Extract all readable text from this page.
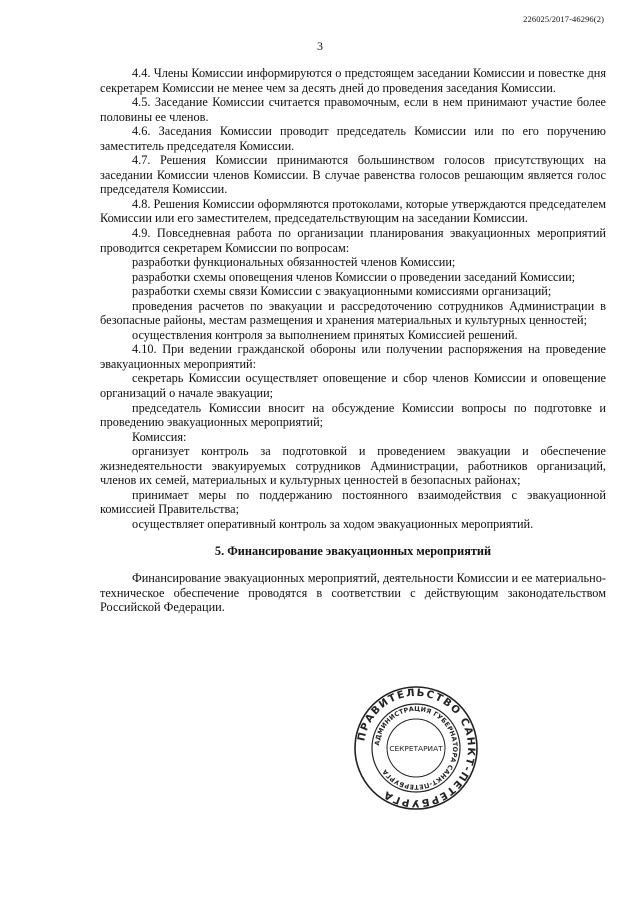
226025/2017-46296(2)
3

4.4. Члены Комиссии информируются о предстоящем заседании Комиссии и повестке дня секретарем Комиссии не менее чем за десять дней до проведения заседания Комиссии.

4.5. Заседание Комиссии считается правомочным, если в нем принимают участие более половины ее членов.

4.6. Заседания Комиссии проводит председатель Комиссии или по его поручению заместитель председателя Комиссии.

4.7. Решения Комиссии принимаются большинством голосов присутствующих на заседании Комиссии членов Комиссии. В случае равенства голосов решающим является голос председателя Комиссии.

4.8. Решения Комиссии оформляются протоколами, которые утверждаются председателем Комиссии или его заместителем, председательствующим на заседании Комиссии.

4.9. Повседневная работа по организации планирования эвакуационных мероприятий проводится секретарем Комиссии по вопросам:

разработки функциональных обязанностей членов Комиссии;

разработки схемы оповещения членов Комиссии о проведении заседаний Комиссии;

разработки схемы связи Комиссии с эвакуационными комиссиями организаций;

проведения расчетов по эвакуации и рассредоточению сотрудников Администрации в безопасные районы, местам размещения и хранения материальных и культурных ценностей;

осуществления контроля за выполнением принятых Комиссией решений.

4.10. При ведении гражданской обороны или получении распоряжения на проведение эвакуационных мероприятий:

секретарь Комиссии осуществляет оповещение и сбор членов Комиссии и оповещение организаций о начале эвакуации;

председатель Комиссии вносит на обсуждение Комиссии вопросы по подготовке и проведению эвакуационных мероприятий;

Комиссия:

организует контроль за подготовкой и проведением эвакуации и обеспечение жизнедеятельности эвакуируемых сотрудников Администрации, работников организаций, членов их семей, материальных и культурных ценностей в безопасных районах;

принимает меры по поддержанию постоянного взаимодействия с эвакуационной комиссией Правительства;

осуществляет оперативный контроль за ходом эвакуационных мероприятий.

5. Финансирование эвакуационных мероприятий

Финансирование эвакуационных мероприятий, деятельности Комиссии и ее материально-техническое обеспечение проводятся в соответствии с действующим законодательством Российской Федерации.

ПРАВИТЕЛЬСТВО САНКТ-ПЕТЕРБУРГА
АДМИНИСТРАЦИЯ ГУБЕРНАТОРА САНКТ-ПЕТЕРБУРГА
СЕКРЕТАРИАТ
